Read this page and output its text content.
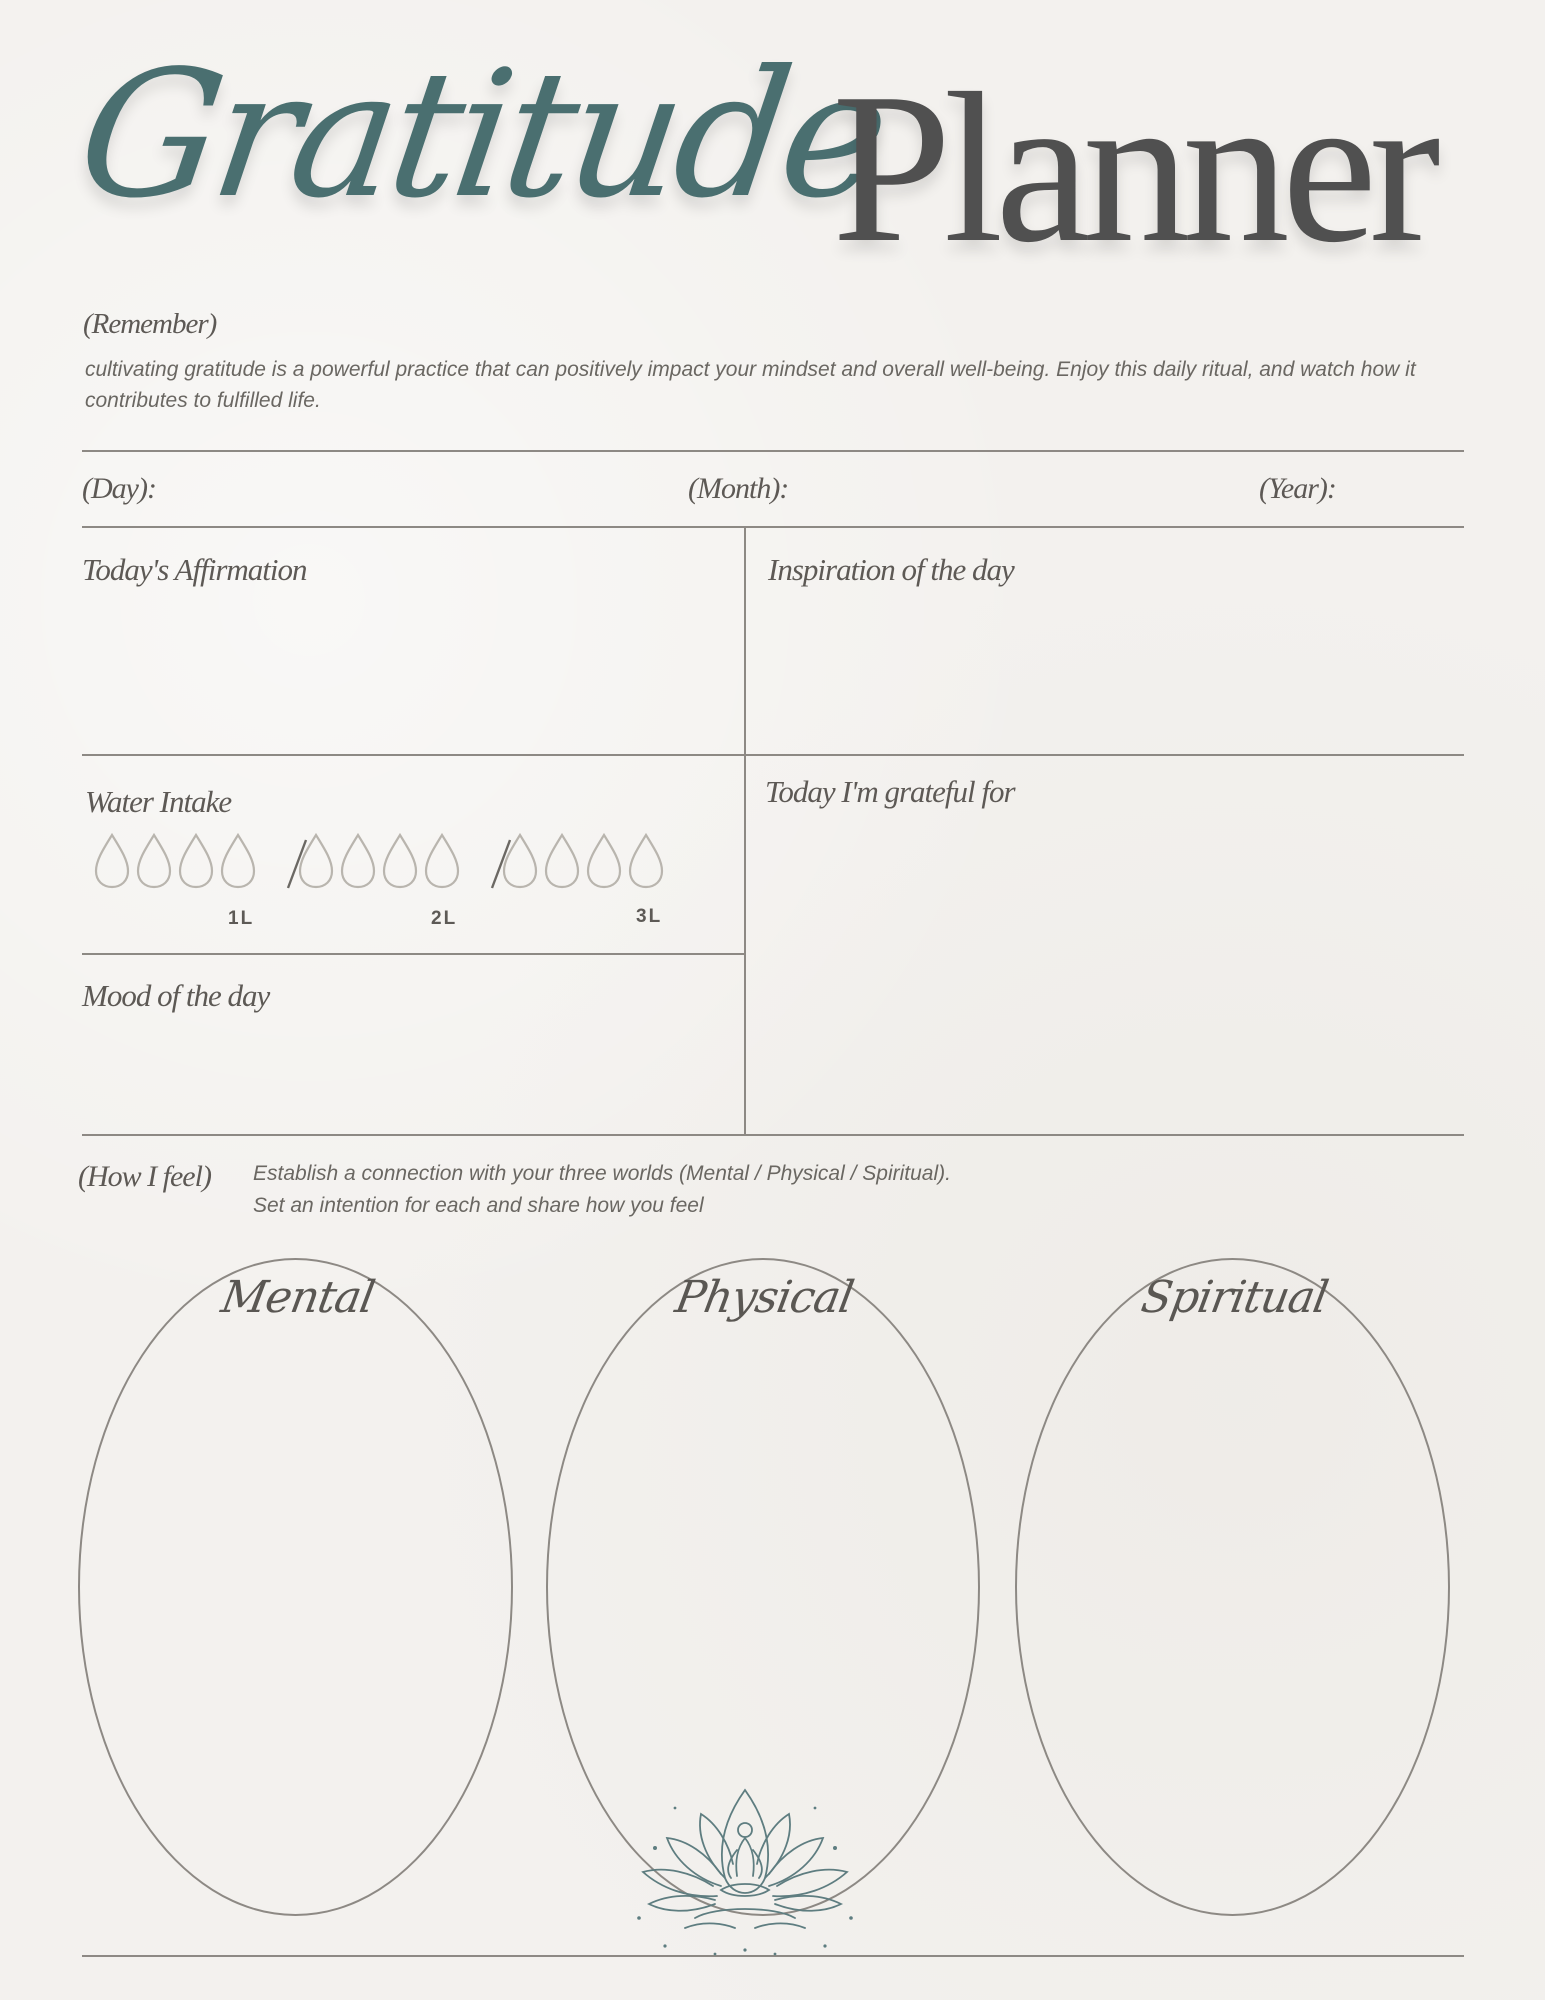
Gratitude
Planner
(Remember)
cultivating gratitude is a powerful practice that can positively impact your mindset and overall well-being. Enjoy this daily ritual, and watch how it contributes to fulfilled life.
(Day):	(Month):	(Year):
Today's Affirmation	Inspiration of the day
Water Intake	Today I'm grateful for
Mood of the day
1L	2L	3L
(How I feel) Establish a connection with your three worlds (Mental / Physical / Spiritual).
Set an intention for each and share how you feel
Mental	Physical	Spiritual
